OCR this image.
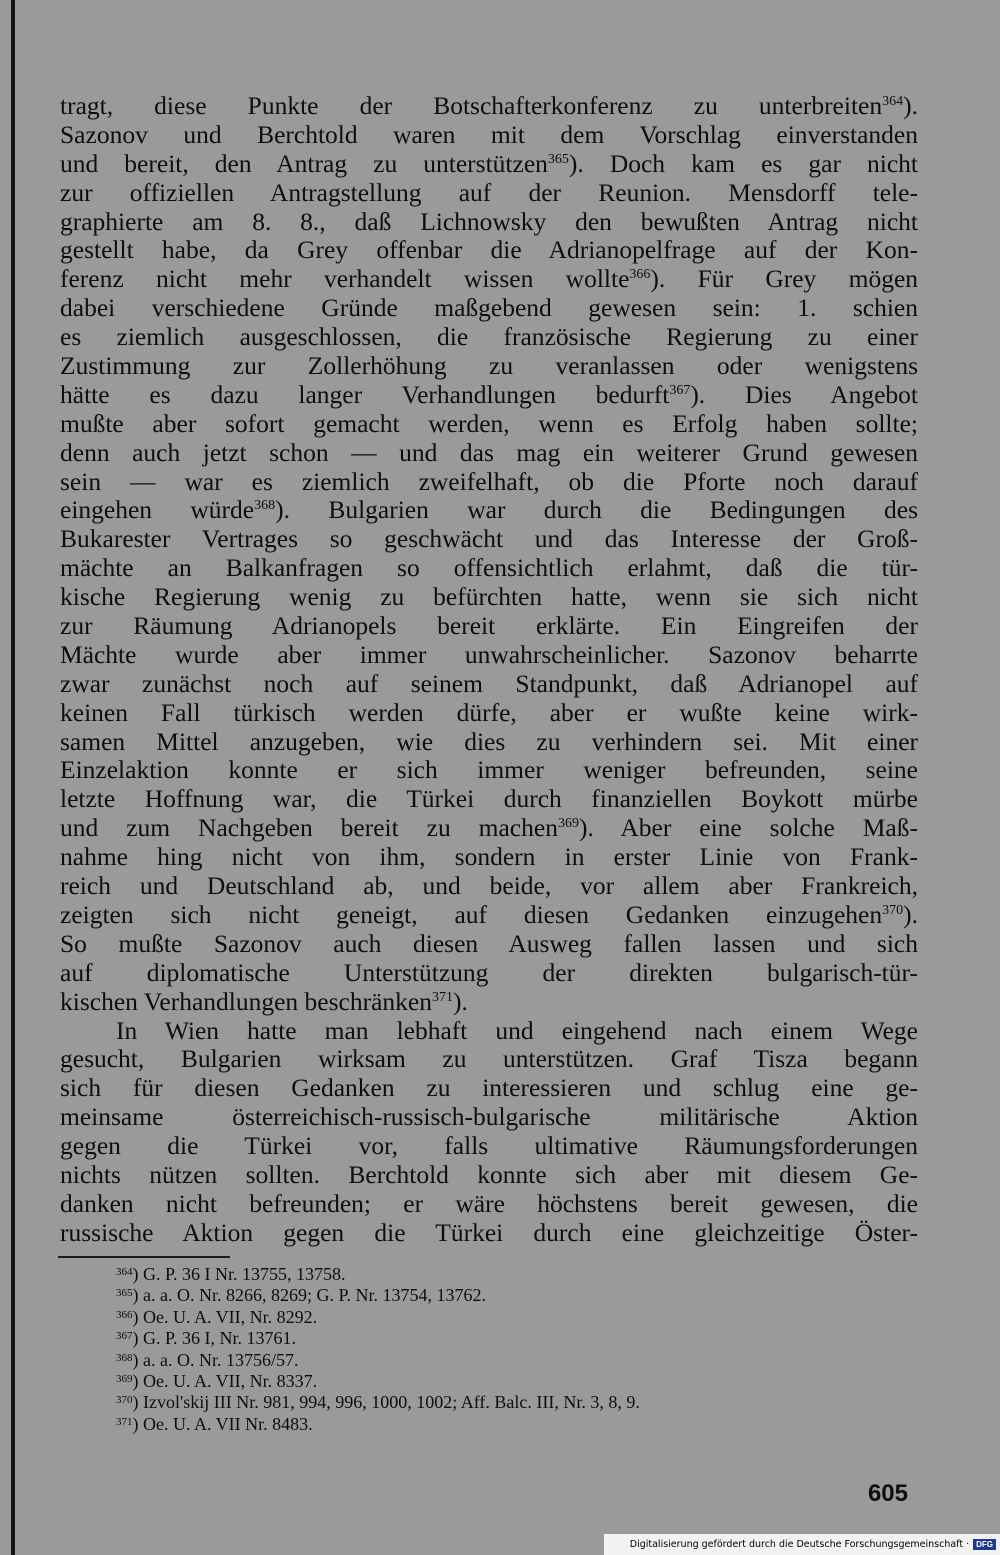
tragt, diese Punkte der Botschafterkonferenz zu unterbreiten$^{364}$).
Sazonov und Berchtold waren mit dem Vorschlag einverstanden
und bereit, den Antrag zu unterstützen$^{365}$). Doch kam es gar nicht
zur offiziellen Antragstellung auf der Reunion. Mensdorff tele-
graphierte am 8. 8., daß Lichnowsky den bewußten Antrag nicht
gestellt habe, da Grey offenbar die Adrianopelfrage auf der Kon-
ferenz nicht mehr verhandelt wissen wollte$^{366}$). Für Grey mögen
dabei verschiedene Gründe maßgebend gewesen sein: 1. schien
es ziemlich ausgeschlossen, die französische Regierung zu einer
Zustimmung zur Zollerhöhung zu veranlassen oder wenigstens
hätte es dazu langer Verhandlungen bedurft$^{367}$). Dies Angebot
mußte aber sofort gemacht werden, wenn es Erfolg haben sollte;
denn auch jetzt schon — und das mag ein weiterer Grund gewesen
sein — war es ziemlich zweifelhaft, ob die Pforte noch darauf
eingehen würde$^{368}$). Bulgarien war durch die Bedingungen des
Bukarester Vertrages so geschwächt und das Interesse der Groß-
mächte an Balkanfragen so offensichtlich erlahmt, daß die tür-
kische Regierung wenig zu befürchten hatte, wenn sie sich nicht
zur Räumung Adrianopels bereit erklärte. Ein Eingreifen der
Mächte wurde aber immer unwahrscheinlicher. Sazonov beharrte
zwar zunächst noch auf seinem Standpunkt, daß Adrianopel auf
keinen Fall türkisch werden dürfe, aber er wußte keine wirk-
samen Mittel anzugeben, wie dies zu verhindern sei. Mit einer
Einzelaktion konnte er sich immer weniger befreunden, seine
letzte Hoffnung war, die Türkei durch finanziellen Boykott mürbe
und zum Nachgeben bereit zu machen$^{369}$). Aber eine solche Maß-
nahme hing nicht von ihm, sondern in erster Linie von Frank-
reich und Deutschland ab, und beide, vor allem aber Frankreich,
zeigten sich nicht geneigt, auf diesen Gedanken einzugehen$^{370}$).
So mußte Sazonov auch diesen Ausweg fallen lassen und sich
auf diplomatische Unterstützung der direkten bulgarisch-tür-
kischen Verhandlungen beschränken$^{371}$).
In Wien hatte man lebhaft und eingehend nach einem Wege
gesucht, Bulgarien wirksam zu unterstützen. Graf Tisza begann
sich für diesen Gedanken zu interessieren und schlug eine ge-
meinsame österreichisch-russisch-bulgarische militärische Aktion
gegen die Türkei vor, falls ultimative Räumungsforderungen
nichts nützen sollten. Berchtold konnte sich aber mit diesem Ge-
danken nicht befreunden; er wäre höchstens bereit gewesen, die
russische Aktion gegen die Türkei durch eine gleichzeitige Öster-
$^{364}$) G. P. 36 I Nr. 13755, 13758.
$^{365}$) a. a. O. Nr. 8266, 8269; G. P. Nr. 13754, 13762.
$^{366}$) Oe. U. A. VII, Nr. 8292.
$^{367}$) G. P. 36 I, Nr. 13761.
$^{368}$) a. a. O. Nr. 13756/57.
$^{369}$) Oe. U. A. VII, Nr. 8337.
$^{370}$) Izvol'skij III Nr. 981, 994, 996, 1000, 1002; Aff. Balc. III, Nr. 3, 8, 9.
$^{371}$) Oe. U. A. VII Nr. 8483.

605

Digitalisierung gefördert durch die Deutsche Forschungsgemeinschaft · DFG
